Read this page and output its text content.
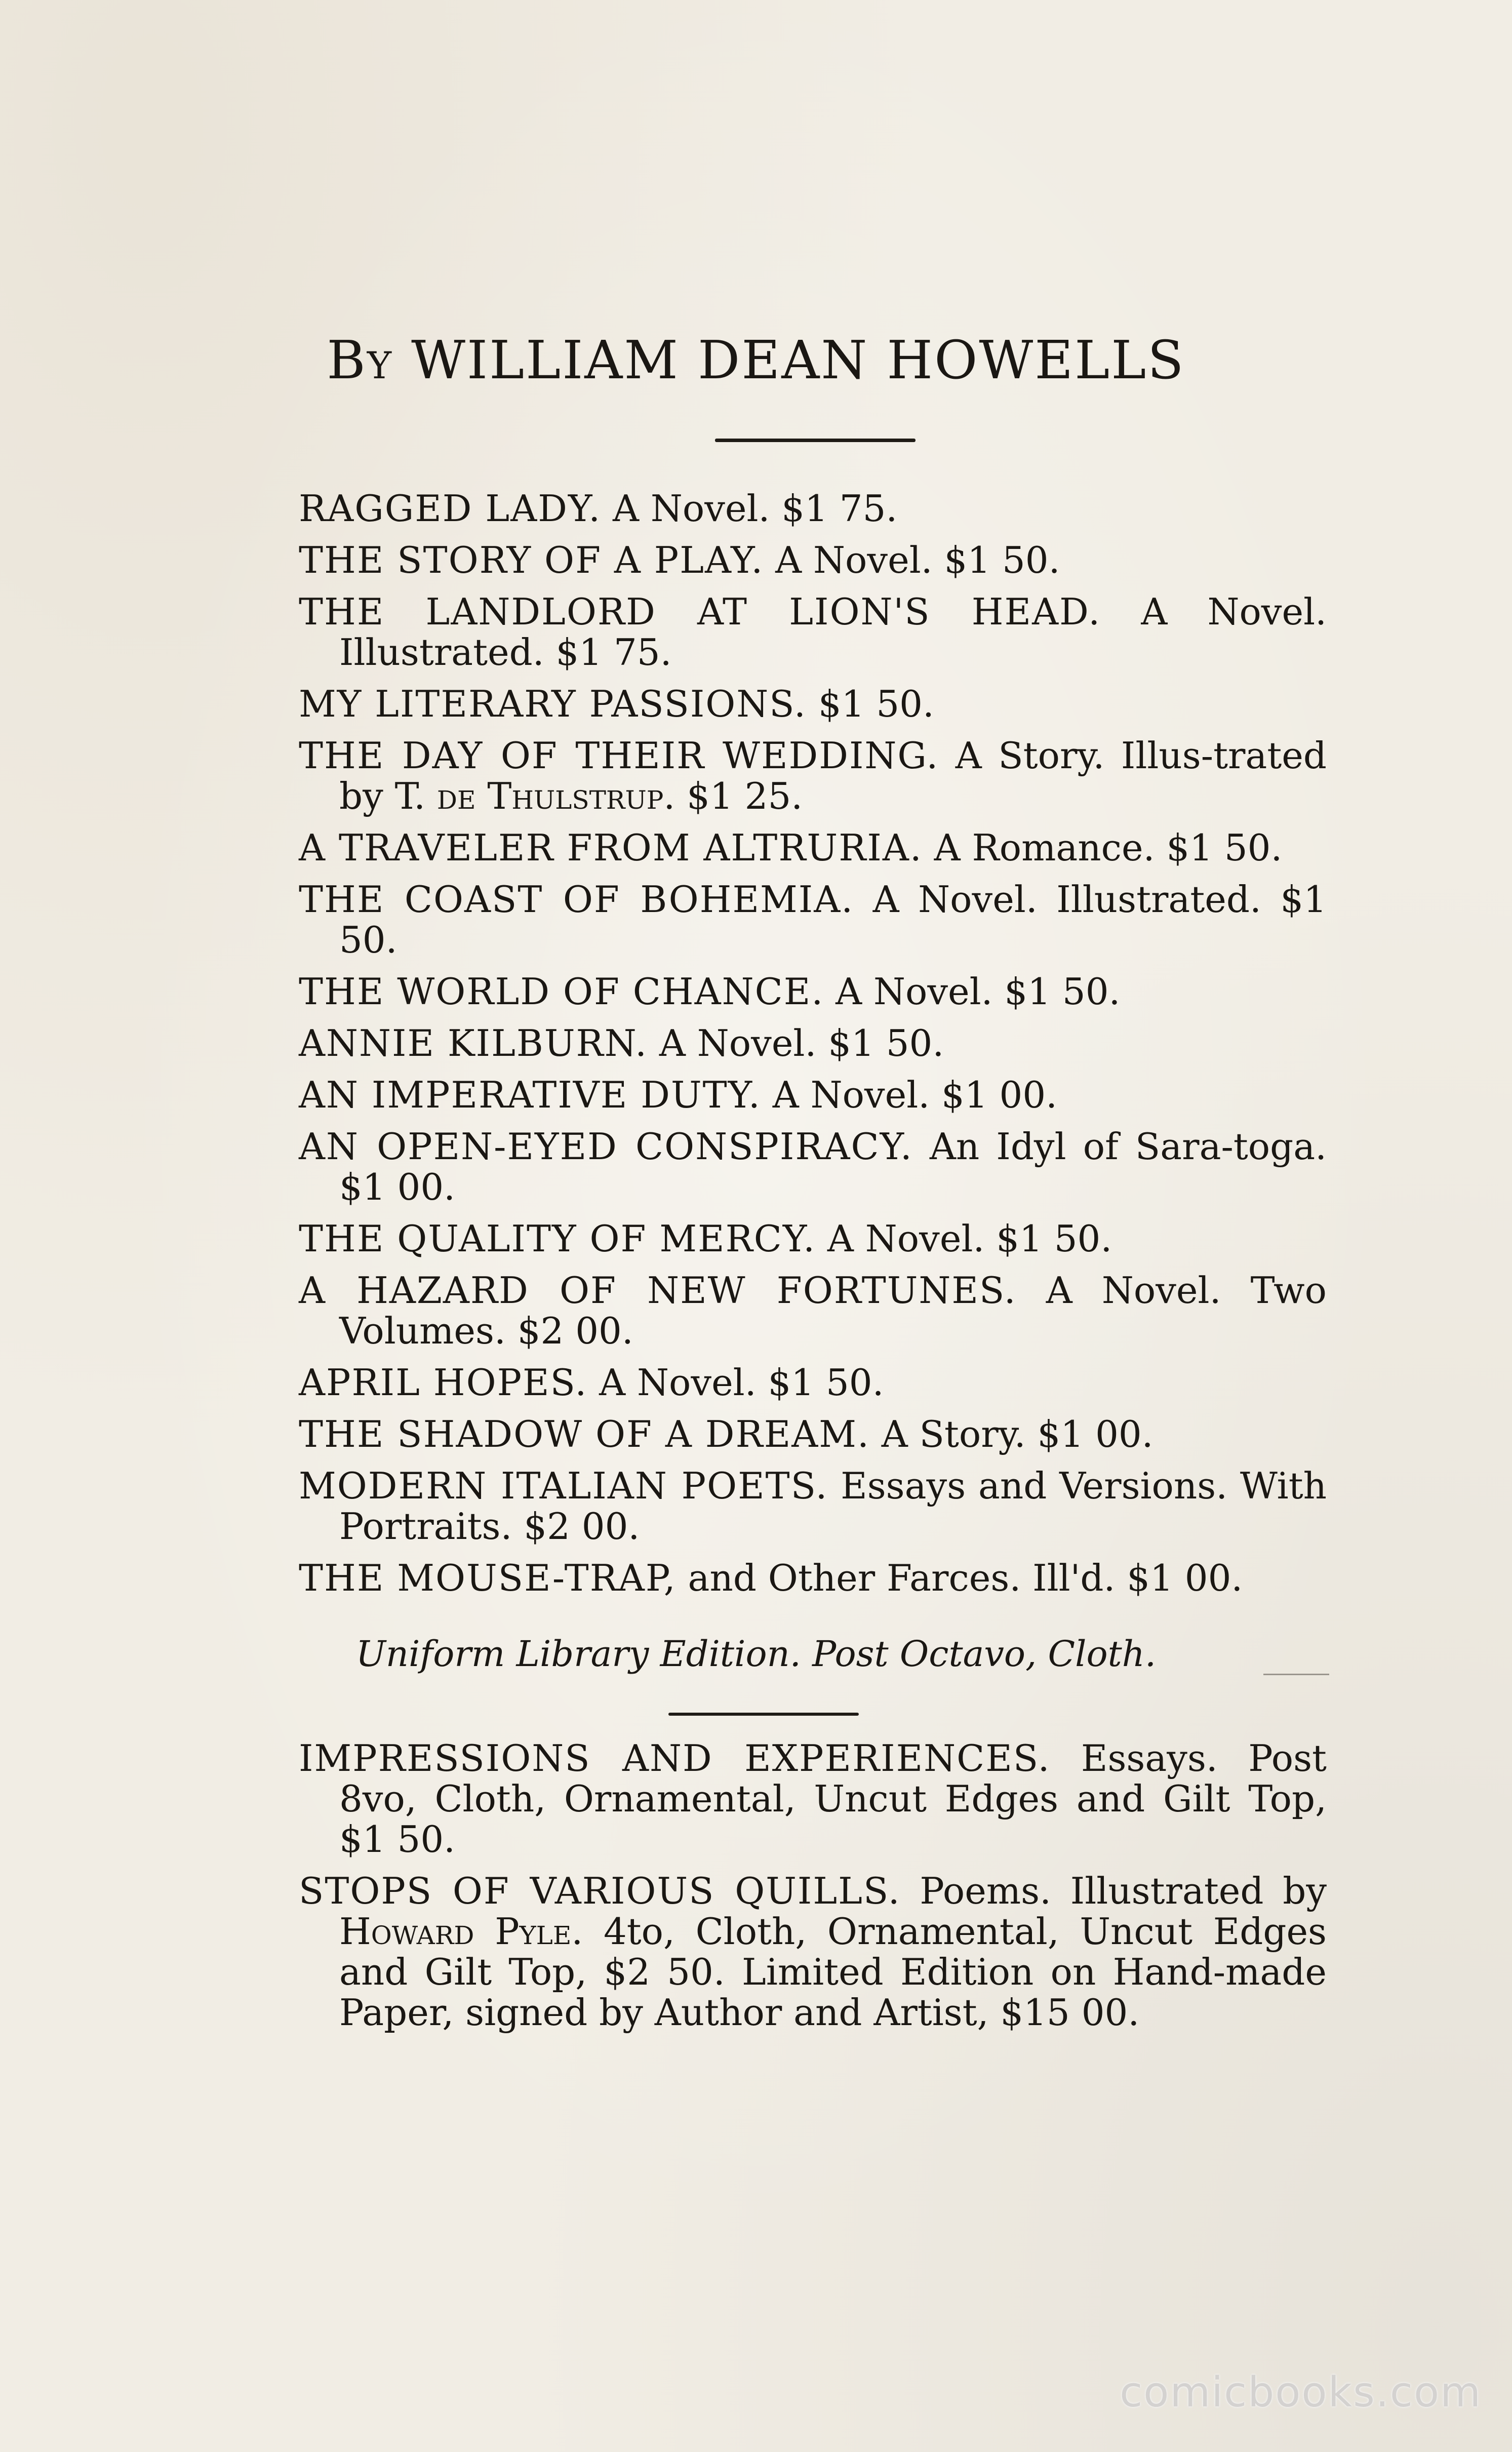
By WILLIAM DEAN HOWELLS
RAGGED LADY. A Novel. $1 75.
THE STORY OF A PLAY. A Novel. $1 50.
THE LANDLORD AT LION'S HEAD. A Novel. Illustrated. $1 75.
MY LITERARY PASSIONS. $1 50.
THE DAY OF THEIR WEDDING. A Story. Illus-trated by T. de Thulstrup. $1 25.
A TRAVELER FROM ALTRURIA. A Romance. $1 50.
THE COAST OF BOHEMIA. A Novel. Illustrated. $1 50.
THE WORLD OF CHANCE. A Novel. $1 50.
ANNIE KILBURN. A Novel. $1 50.
AN IMPERATIVE DUTY. A Novel. $1 00.
AN OPEN-EYED CONSPIRACY. An Idyl of Sara-toga. $1 00.
THE QUALITY OF MERCY. A Novel. $1 50.
A HAZARD OF NEW FORTUNES. A Novel. Two Volumes. $2 00.
APRIL HOPES. A Novel. $1 50.
THE SHADOW OF A DREAM. A Story. $1 00.
MODERN ITALIAN POETS. Essays and Versions. With Portraits. $2 00.
THE MOUSE-TRAP, and Other Farces. Ill'd. $1 00.
Uniform Library Edition. Post Octavo, Cloth.
IMPRESSIONS AND EXPERIENCES. Essays. Post 8vo, Cloth, Ornamental, Uncut Edges and Gilt Top, $1 50.
STOPS OF VARIOUS QUILLS. Poems. Illustrated by Howard Pyle. 4to, Cloth, Ornamental, Uncut Edges and Gilt Top, $2 50. Limited Edition on Hand-made Paper, signed by Author and Artist, $15 00.
comicbooks.com
